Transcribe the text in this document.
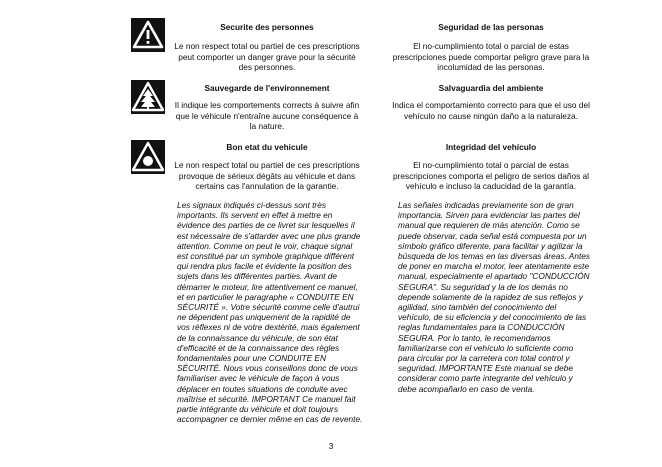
Securite des personnes
Le non respect total ou partiel de ces prescriptions peut comporter un danger grave pour la sécurité des personnes.
Seguridad de las personas
El no-cumplimiento total o parcial de estas prescripciones puede comportar peligro grave para la incolumidad de las personas.
Sauvegarde de l'environnement
Il indique les comportements corrects à suivre afin que le véhicule n'entraîne aucune conséquence à la nature.
Salvaguardia del ambiente
Indica el comportamiento correcto para que el uso del vehículo no cause ningún daño a la naturaleza.
Bon etat du vehicule
Le non respect total ou partiel de ces prescriptions provoque de sérieux dégâts au véhicule et dans certains cas l'annulation de la garantie.
Integridad del vehículo
El no-cumplimiento total o parcial de estas prescripciones comporta el peligro de serios daños al vehículo e incluso la caducidad de la garantía.
Les signaux indiqués ci-dessus sont très importants. Ils servent en effet à mettre en évidence des parties de ce livret sur lesquelles il est nécessaire de s'attarder avec une plus grande attention. Comme on peut le voir, chaque signal est constitué par un symbole graphique différent qui rendra plus facile et évidente la position des sujets dans les différentes parties. Avant de démarrer le moteur, lire attentivement ce manuel, et en particulier le paragraphe « CONDUITE EN SÉCURITÉ ». Votre sécurité comme celle d'autrui ne dépendent pas uniquement de la rapidité de vos réflexes ni de votre dextérité, mais également de la connaissance du véhicule, de son état d'efficacité et de la connaissance des règles fondamentales pour une CONDUITE EN SÉCURITÉ. Nous vous conseillons donc de vous familiariser avec le véhicule de façon à vous déplacer en toutes situations de conduite avec maîtrise et sécurité. IMPORTANT Ce manuel fait partie intégrante du véhicule et doit toujours accompagner ce dernier même en cas de revente.
Las señales indicadas previamente son de gran importancia. Sirven para evidenciar las partes del manual que requieren de más atención. Como se puede observar, cada señal está compuesta por un símbolo gráfico diferente, para facilitar y agilizar la búsqueda de los temas en las diversas áreas. Antes de poner en marcha el motor, leer atentamente este manual, especialmente el apartado "CONDUCCIÓN SEGURA". Su seguridad y la de los demás no depende solamente de la rapidez de sus reflejos y agilidad, sino también del conocimiento del vehículo, de su eficiencia y del conocimiento de las reglas fundamentales para la CONDUCCIÓN SEGURA. Por lo tanto, le recomendamos familiarizarse con el vehículo lo suficiente como para circular por la carretera con total control y seguridad. IMPORTANTE Este manual se debe considerar como parte integrante del vehículo y debe acompañarlo en caso de venta.
3
